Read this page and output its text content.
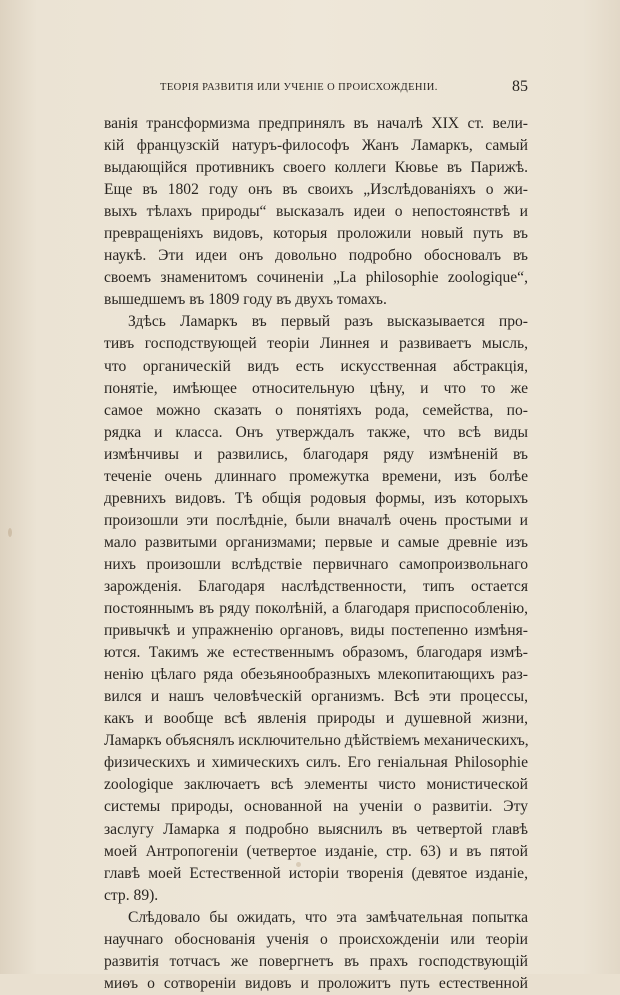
ТЕОРІЯ РАЗВИТІЯ ИЛИ УЧЕНІЕ О ПРОИСХОЖДЕНІИ.	85
ванія трансформизма предпринялъ въ началѣ XIX ст. вели-
кій французскій натуръ-философъ Жанъ Ламаркъ, самый
выдающійся противникъ своего коллеги Кювье въ Парижѣ.
Еще въ 1802 году онъ въ своихъ „Изслѣдованіяхъ о жи-
выхъ тѣлахъ природы“ высказалъ идеи о непостоянствѣ и
превращеніяхъ видовъ, которыя проложили новый путь въ
наукѣ. Эти идеи онъ довольно подробно обосновалъ въ
своемъ знаменитомъ сочиненіи „La philosophie zoologique“,
вышедшемъ въ 1809 году въ двухъ томахъ.
Здѣсь Ламаркъ въ первый разъ высказывается про-
тивъ господствующей теоріи Линнея и развиваетъ мысль,
что органическій видъ есть искусственная абстракція,
понятіе, имѣющее относительную цѣну, и что то же
самое можно сказать о понятіяхъ рода, семейства, по-
рядка и класса. Онъ утверждалъ также, что всѣ виды
измѣнчивы и развились, благодаря ряду измѣненій въ
теченіе очень длиннаго промежутка времени, изъ болѣе
древнихъ видовъ. Тѣ общія родовыя формы, изъ которыхъ
произошли эти послѣдніе, были вначалѣ очень простыми и
мало развитыми организмами; первые и самые древніе изъ
нихъ произошли вслѣдствіе первичнаго самопроизвольнаго
зарожденія. Благодаря наслѣдственности, типъ остается
постояннымъ въ ряду поколѣній, а благодаря приспособленію,
привычкѣ и упражненію органовъ, виды постепенно измѣня-
ются. Такимъ же естественнымъ образомъ, благодаря измѣ-
ненію цѣлаго ряда обезьянообразныхъ млекопитающихъ раз-
вился и нашъ человѣческій организмъ. Всѣ эти процессы,
какъ и вообще всѣ явленія природы и душевной жизни,
Ламаркъ объяснялъ исключительно дѣйствіемъ механическихъ,
физическихъ и химическихъ силъ. Его геніальная Philosophie
zoologique заключаетъ всѣ элементы чисто монистической
системы природы, основанной на ученіи о развитіи. Эту
заслугу Ламарка я подробно выяснилъ въ четвертой главѣ
моей Антропогеніи (четвертое изданіе, стр. 63) и въ пятой
главѣ моей Естественной исторіи творенія (девятое изданіе,
стр. 89).
Слѣдовало бы ожидать, что эта замѣчательная попытка
научнаго обоснованія ученія о происхожденіи или теоріи
развитія тотчасъ же повергнетъ въ прахъ господствующій
миѳъ о сотвореніи видовъ и проложитъ путь естественной
